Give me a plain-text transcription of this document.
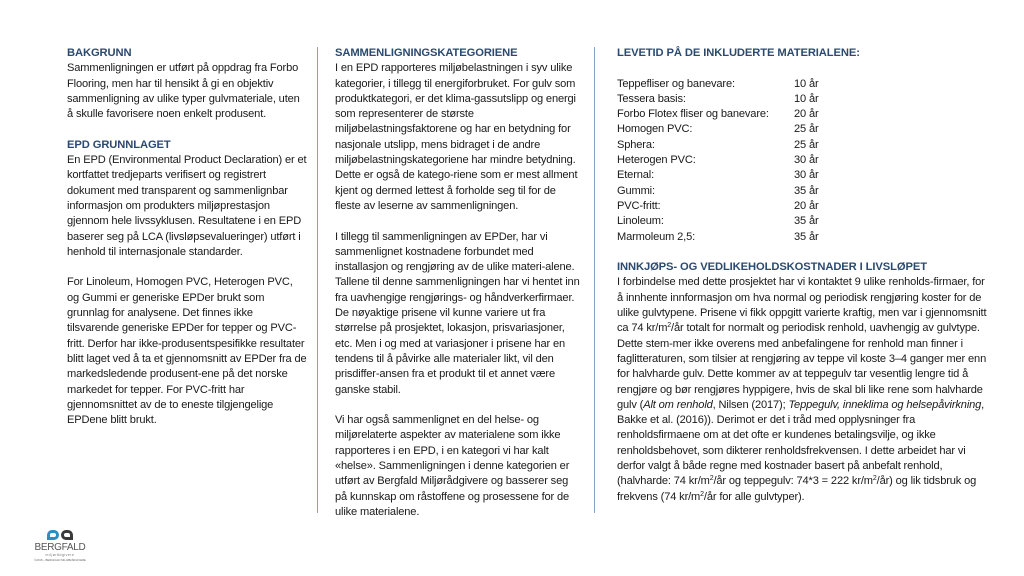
BAKGRUNN

Sammenligningen er utført på oppdrag fra Forbo Flooring, men har til hensikt å gi en objektiv sammenligning av ulike typer gulvmateriale, uten å skulle favorisere noen enkelt produsent.

EPD GRUNNLAGET

En EPD (Environmental Product Declaration) er et kortfattet tredjeparts verifisert og registrert dokument med transparent og sammenlignbar informasjon om produkters miljøprestasjon gjennom hele livssyklusen. Resultatene i en EPD baserer seg på LCA (livsløpsevalueringer) utført i henhold til internasjonale standarder.

For Linoleum, Homogen PVC, Heterogen PVC, og Gummi er generiske EPDer brukt som grunnlag for analysene. Det finnes ikke tilsvarende generiske EPDer for tepper og PVC-fritt. Derfor har ikke-produsentspesifikke resultater blitt laget ved å ta et gjennomsnitt av EPDer fra de markedsledende produsent-ene på det norske markedet for tepper. For PVC-fritt har gjennomsnittet av de to eneste tilgjengelige EPDene blitt brukt.

SAMMENLIGNINGSKATEGORIENE

I en EPD rapporteres miljøbelastningen i syv ulike kategorier, i tillegg til energiforbruket. For gulv som produktkategori, er det klima-gassutslipp og energi som representerer de største miljøbelastningsfaktorene og har en betydning for nasjonale utslipp, mens bidraget i de andre miljøbelastningskategoriene har mindre betydning. Dette er også de katego-riene som er mest allment kjent og dermed lettest å forholde seg til for de fleste av leserne av sammenligningen.

I tillegg til sammenligningen av EPDer, har vi sammenlignet kostnadene forbundet med installasjon og rengjøring av de ulike materi-alene. Tallene til denne sammenligningen har vi hentet inn fra uavhengige rengjørings- og håndverkerfirmaer. De nøyaktige prisene vil kunne variere ut fra størrelse på prosjektet, lokasjon, prisvariasjoner, etc. Men i og med at variasjoner i prisene har en tendens til å påvirke alle materialer likt, vil den prisdiffer-ansen fra et produkt til et annet være ganske stabil.

Vi har også sammenlignet en del helse- og miljørelaterte aspekter av materialene som ikke rapporteres i en EPD, i en kategori vi har kalt «helse». Sammenligningen i denne kategorien er utført av Bergfald Miljørådgivere og basserer seg på kunnskap om råstoffene og prosessene for de ulike materialene.

LEVETID PÅ DE INKLUDERTE MATERIALENE:
Teppefliser og banevare:	10 år
Tessera basis:	10 år
Forbo Flotex fliser og banevare:	20 år
Homogen PVC:	25 år
Sphera:	25 år
Heterogen PVC:	30 år
Eternal:	30 år
Gummi:	35 år
PVC-fritt:	20 år
Linoleum:	35 år
Marmoleum 2,5:	35 år
INNKJØPS- OG VEDLIKEHOLDSKOSTNADER I LIVSLØPET

I forbindelse med dette prosjektet har vi kontaktet 9 ulike renholds-firmaer, for å innhente innformasjon om hva normal og periodisk rengjøring koster for de ulike gulvtypene. Prisene vi fikk oppgitt varierte kraftig, men var i gjennomsnitt ca 74 $kr/m^2/år$ totalt for normalt og periodisk renhold, uavhengig av gulvtype. Dette stem-mer ikke overens med anbefalingene for renhold man finner i faglitteraturen, som tilsier at rengjøring av teppe vil koste 3–4 ganger mer enn for halvharde gulv. Dette kommer av at teppegulv tar vesentlig lengre tid å rengjøre og bør rengjøres hyppigere, hvis de skal bli like rene som halvharde gulv (Alt om renhold, Nilsen (2017); Teppegulv, inneklima og helsepåvirkning, Bakke et al. (2016)). Derimot er det i tråd med opplysninger fra renholdsfirmaene om at det ofte er kundenes betalingsvilje, og ikke renholdsbehovet, som dikterer renholdsfrekvensen. I dette arbeidet har vi derfor valgt å både regne med kostnader basert på anbefalt renhold, (halvharde: 74 $kr/m^2/år$ og teppegulv: 74*3 = 222 $kr/m^2/år$) og lik tidsbruk og frekvens (74 $kr/m^2/år$ for alle gulvtyper).

BERGFALD
miljørådgivere
©2018 – BERGFALD MILJØRÅDGIVERE
